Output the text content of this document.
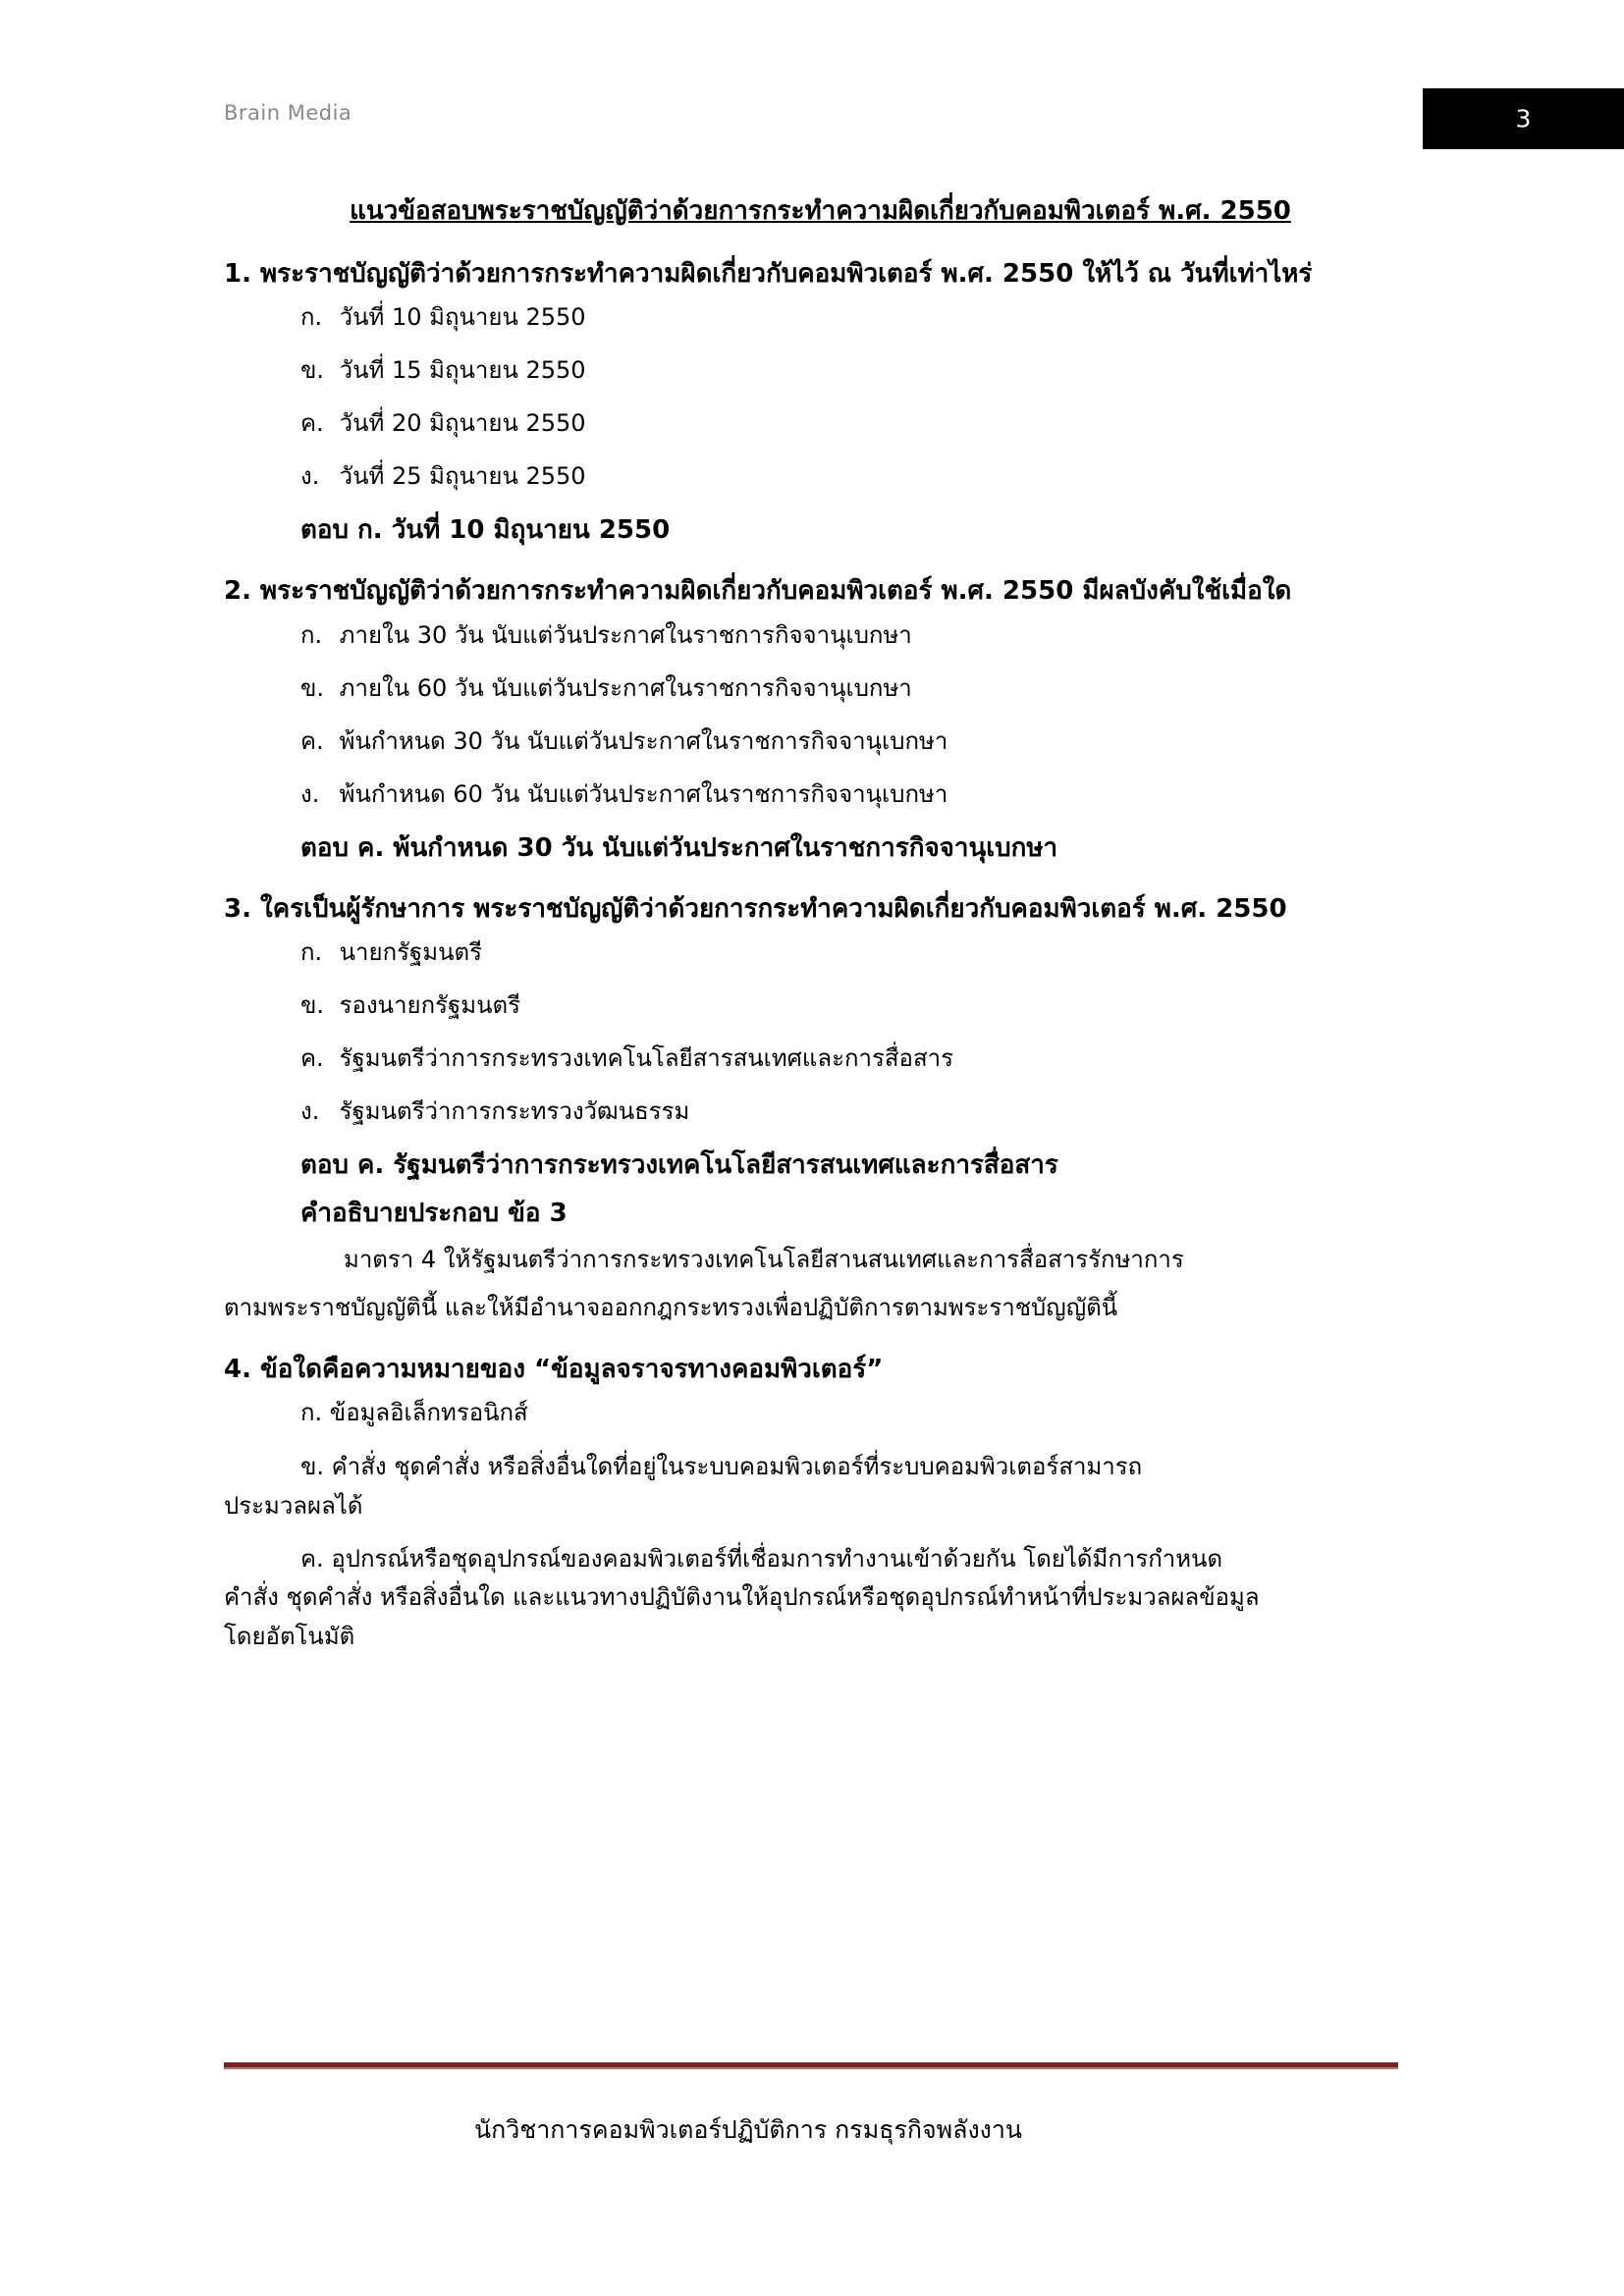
Brain Media	3
แนวข้อสอบพระราชบัญญัติว่าด้วยการกระทำความผิดเกี่ยวกับคอมพิวเตอร์ พ.ศ. 2550
1. พระราชบัญญัติว่าด้วยการกระทำความผิดเกี่ยวกับคอมพิวเตอร์ พ.ศ. 2550 ให้ไว้ ณ วันที่เท่าไหร่
ก. วันที่ 10 มิถุนายน 2550
ข. วันที่ 15 มิถุนายน 2550
ค. วันที่ 20 มิถุนายน 2550
ง. วันที่ 25 มิถุนายน 2550
ตอบ ก. วันที่ 10 มิถุนายน 2550
2. พระราชบัญญัติว่าด้วยการกระทำความผิดเกี่ยวกับคอมพิวเตอร์ พ.ศ. 2550 มีผลบังคับใช้เมื่อใด
ก. ภายใน 30 วัน นับแต่วันประกาศในราชการกิจจานุเบกษา
ข. ภายใน 60 วัน นับแต่วันประกาศในราชการกิจจานุเบกษา
ค. พ้นกำหนด 30 วัน นับแต่วันประกาศในราชการกิจจานุเบกษา
ง. พ้นกำหนด 60 วัน นับแต่วันประกาศในราชการกิจจานุเบกษา
ตอบ ค. พ้นกำหนด 30 วัน นับแต่วันประกาศในราชการกิจจานุเบกษา
3. ใครเป็นผู้รักษาการ พระราชบัญญัติว่าด้วยการกระทำความผิดเกี่ยวกับคอมพิวเตอร์ พ.ศ. 2550
ก. นายกรัฐมนตรี
ข. รองนายกรัฐมนตรี
ค. รัฐมนตรีว่าการกระทรวงเทคโนโลยีสารสนเทศและการสื่อสาร
ง. รัฐมนตรีว่าการกระทรวงวัฒนธรรม
ตอบ ค. รัฐมนตรีว่าการกระทรวงเทคโนโลยีสารสนเทศและการสื่อสาร
คำอธิบายประกอบ ข้อ 3
มาตรา 4 ให้รัฐมนตรีว่าการกระทรวงเทคโนโลยีสานสนเทศและการสื่อสารรักษาการ
ตามพระราชบัญญัตินี้ และให้มีอำนาจออกกฎกระทรวงเพื่อปฏิบัติการตามพระราชบัญญัตินี้
4. ข้อใดคือความหมายของ “ข้อมูลจราจรทางคอมพิวเตอร์”
ก. ข้อมูลอิเล็กทรอนิกส์
ข. คำสั่ง ชุดคำสั่ง หรือสิ่งอื่นใดที่อยู่ในระบบคอมพิวเตอร์ที่ระบบคอมพิวเตอร์สามารถ
ประมวลผลได้
ค. อุปกรณ์หรือชุดอุปกรณ์ของคอมพิวเตอร์ที่เชื่อมการทำงานเข้าด้วยกัน โดยได้มีการกำหนด
คำสั่ง ชุดคำสั่ง หรือสิ่งอื่นใด และแนวทางปฏิบัติงานให้อุปกรณ์หรือชุดอุปกรณ์ทำหน้าที่ประมวลผลข้อมูล
โดยอัตโนมัติ
นักวิชาการคอมพิวเตอร์ปฏิบัติการ กรมธุรกิจพลังงาน
